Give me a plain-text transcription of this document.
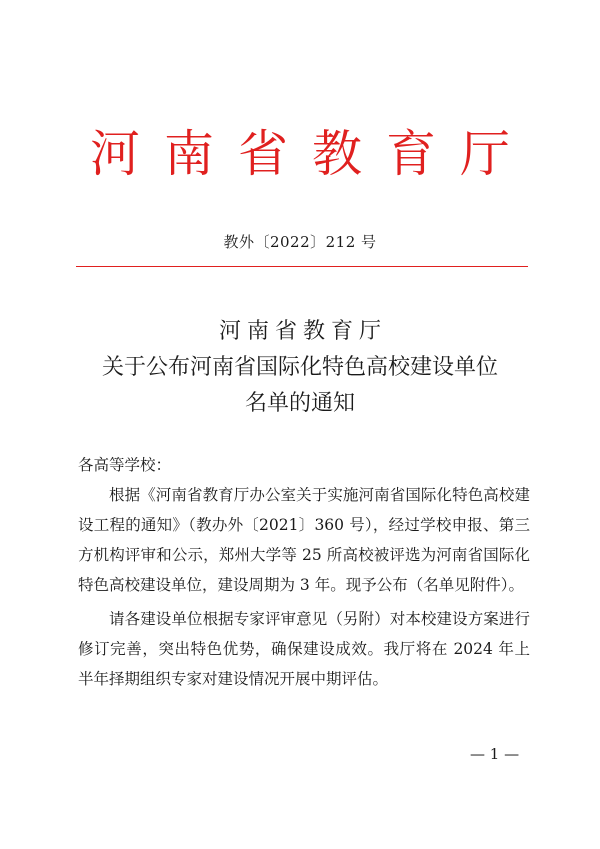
河南省教育厅
教外〔2022〕212 号
河南省教育厅
关于公布河南省国际化特色高校建设单位
名单的通知
各高等学校：
根据《河南省教育厅办公室关于实施河南省国际化特色高校建设工程的通知》（教办外〔2021〕360 号），经过学校申报、第三方机构评审和公示，郑州大学等 25 所高校被评选为河南省国际化特色高校建设单位，建设周期为 3 年。现予公布（名单见附件）。
请各建设单位根据专家评审意见（另附）对本校建设方案进行修订完善，突出特色优势，确保建设成效。我厅将在 2024 年上半年择期组织专家对建设情况开展中期评估。
— 1 —
